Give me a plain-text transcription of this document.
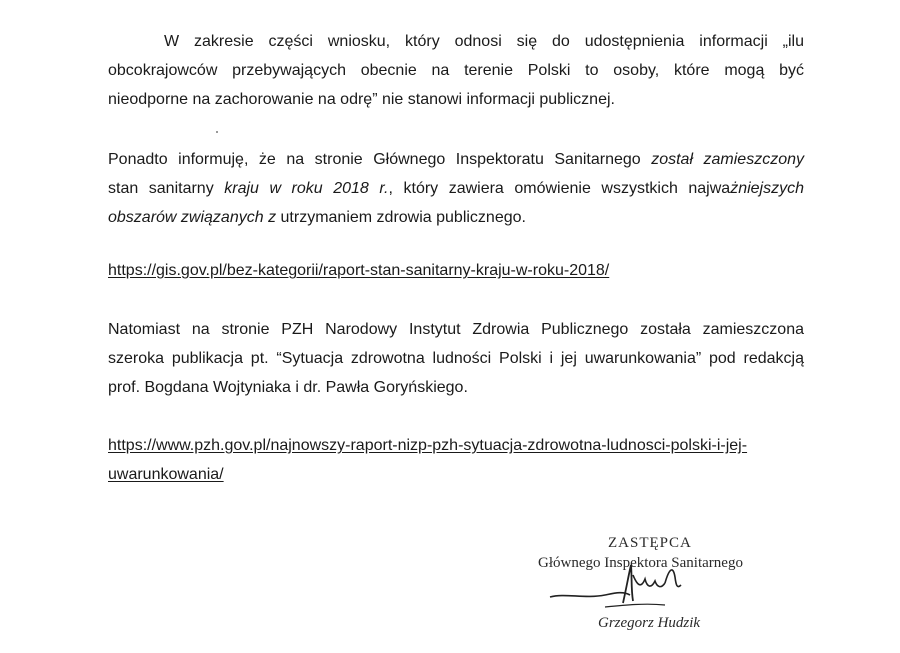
W zakresie części wniosku, który odnosi się do udostępnienia informacji „ilu
obcokrajowców przebywających obecnie na terenie Polski to osoby, które mogą być
nieodporne na zachorowanie na odrę” nie stanowi informacji publicznej.
Ponadto informuję, że na stronie Głównego Inspektoratu Sanitarnego został zamieszczony
stan sanitarny kraju w roku 2018 r., który zawiera omówienie wszystkich najważniejszych
obszarów związanych z utrzymaniem zdrowia publicznego.
https://gis.gov.pl/bez-kategorii/raport-stan-sanitarny-kraju-w-roku-2018/
Natomiast na stronie PZH Narodowy Instytut Zdrowia Publicznego została zamieszczona
szeroka publikacja pt. “Sytuacja zdrowotna ludności Polski i jej uwarunkowania” pod redakcją
prof. Bogdana Wojtyniaka i dr. Pawła Goryńskiego.
https://www.pzh.gov.pl/najnowszy-raport-nizp-pzh-sytuacja-zdrowotna-ludnosci-polski-i-jej-
uwarunkowania/
ZASTĘPCA
Głównego Inspektora Sanitarnego
Grzegorz Hudzik
